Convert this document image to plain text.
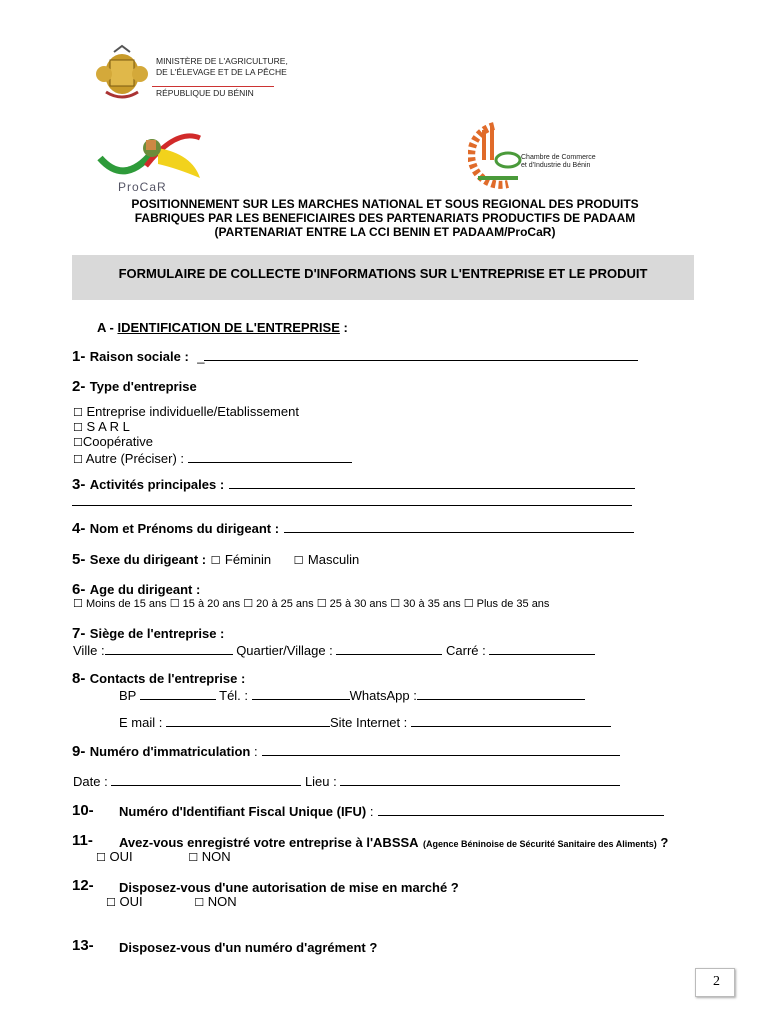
MINISTÈRE DE L'AGRICULTURE,
DE L'ÉLEVAGE ET DE LA PÊCHE
RÉPUBLIQUE DU BÉNIN
ProCaR
Chambre de Commerce
et d'Industrie du Bénin
POSITIONNEMENT SUR LES MARCHES NATIONAL ET SOUS REGIONAL DES PRODUITS
FABRIQUES PAR LES BENEFICIAIRES DES PARTENARIATS PRODUCTIFS DE PADAAM
(PARTENARIAT ENTRE LA CCI BENIN ET PADAAM/ProCaR)
FORMULAIRE DE COLLECTE D'INFORMATIONS SUR L'ENTREPRISE ET LE PRODUIT
A - IDENTIFICATION DE L'ENTREPRISE :
1- Raison sociale : _
2- Type d'entreprise
☐ Entreprise individuelle/Etablissement
☐ S A R L
☐Coopérative
☐ Autre (Préciser) :
3- Activités principales :
4- Nom et Prénoms du dirigeant :
5- Sexe du dirigeant : ☐ Féminin ☐ Masculin
6- Age du dirigeant :
☐ Moins de 15 ans ☐ 15 à 20 ans ☐ 20 à 25 ans ☐ 25 à 30 ans ☐ 30 à 35 ans ☐ Plus de 35 ans
7- Siège de l'entreprise :
Ville :	Quartier/Village :	Carré :
8- Contacts de l'entreprise :
BP	Tél. :	WhatsApp :
E mail :	Site Internet :
9- Numéro d'immatriculation :
Date :	Lieu :
10- Numéro d'Identifiant Fiscal Unique (IFU) :
11- Avez-vous enregistré votre entreprise à l'ABSSA (Agence Béninoise de Sécurité Sanitaire des Aliments) ?
☐ OUI	☐ NON
12- Disposez-vous d'une autorisation de mise en marché ?
☐ OUI	☐ NON
13- Disposez-vous d'un numéro d'agrément ?
2
